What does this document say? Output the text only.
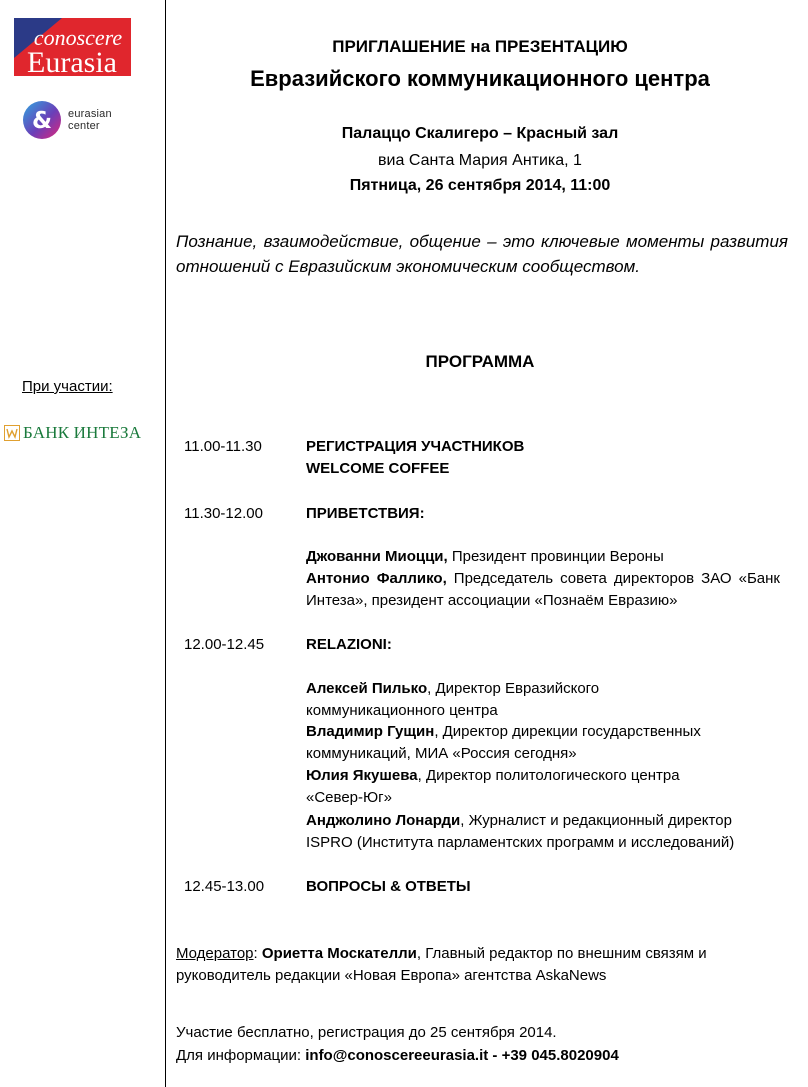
conoscere
Eurasia
& eurasian
center
При участии:
БАНК ИНТЕЗА
ПРИГЛАШЕНИЕ на ПРЕЗЕНТАЦИЮ
Евразийского коммуникационного центра
Палаццо Скалигеро – Красный зал
виа Санта Мария Антика, 1
Пятница, 26 сентября 2014, 11:00
Познание, взаимодействие, общение – это ключевые моменты развития отношений с Евразийским экономическим сообществом.
ПРОГРАММА
11.00-11.30	РЕГИСТРАЦИЯ УЧАСТНИКОВ
WELCOME COFFEE
11.30-12.00	ПРИВЕТСТВИЯ:
Джованни Миоцци, Президент провинции Вероны
Антонио Фаллико, Председатель совета директоров ЗАО «Банк Интеза», президент ассоциации «Познаём Евразию»
12.00-12.45	RELAZIONI:
Алексей Пилько, Директор Евразийского коммуникационного центра
Владимир Гущин, Директор дирекции государственных коммуникаций, МИА «Россия сегодня»
Юлия Якушева, Директор политологического центра «Север-Юг»
Анджолино Лонарди, Журналист и редакционный директор ISPRO (Института парламентских программ и исследований)
12.45-13.00	ВОПРОСЫ & ОТВЕТЫ
Модератор: Ориетта Москателли, Главный редактор по внешним связям и руководитель редакции «Новая Европа» агентства AskaNews
Участие бесплатно, регистрация до 25 сентября 2014.
Для информации: info@conoscereeurasia.it - +39 045.8020904
